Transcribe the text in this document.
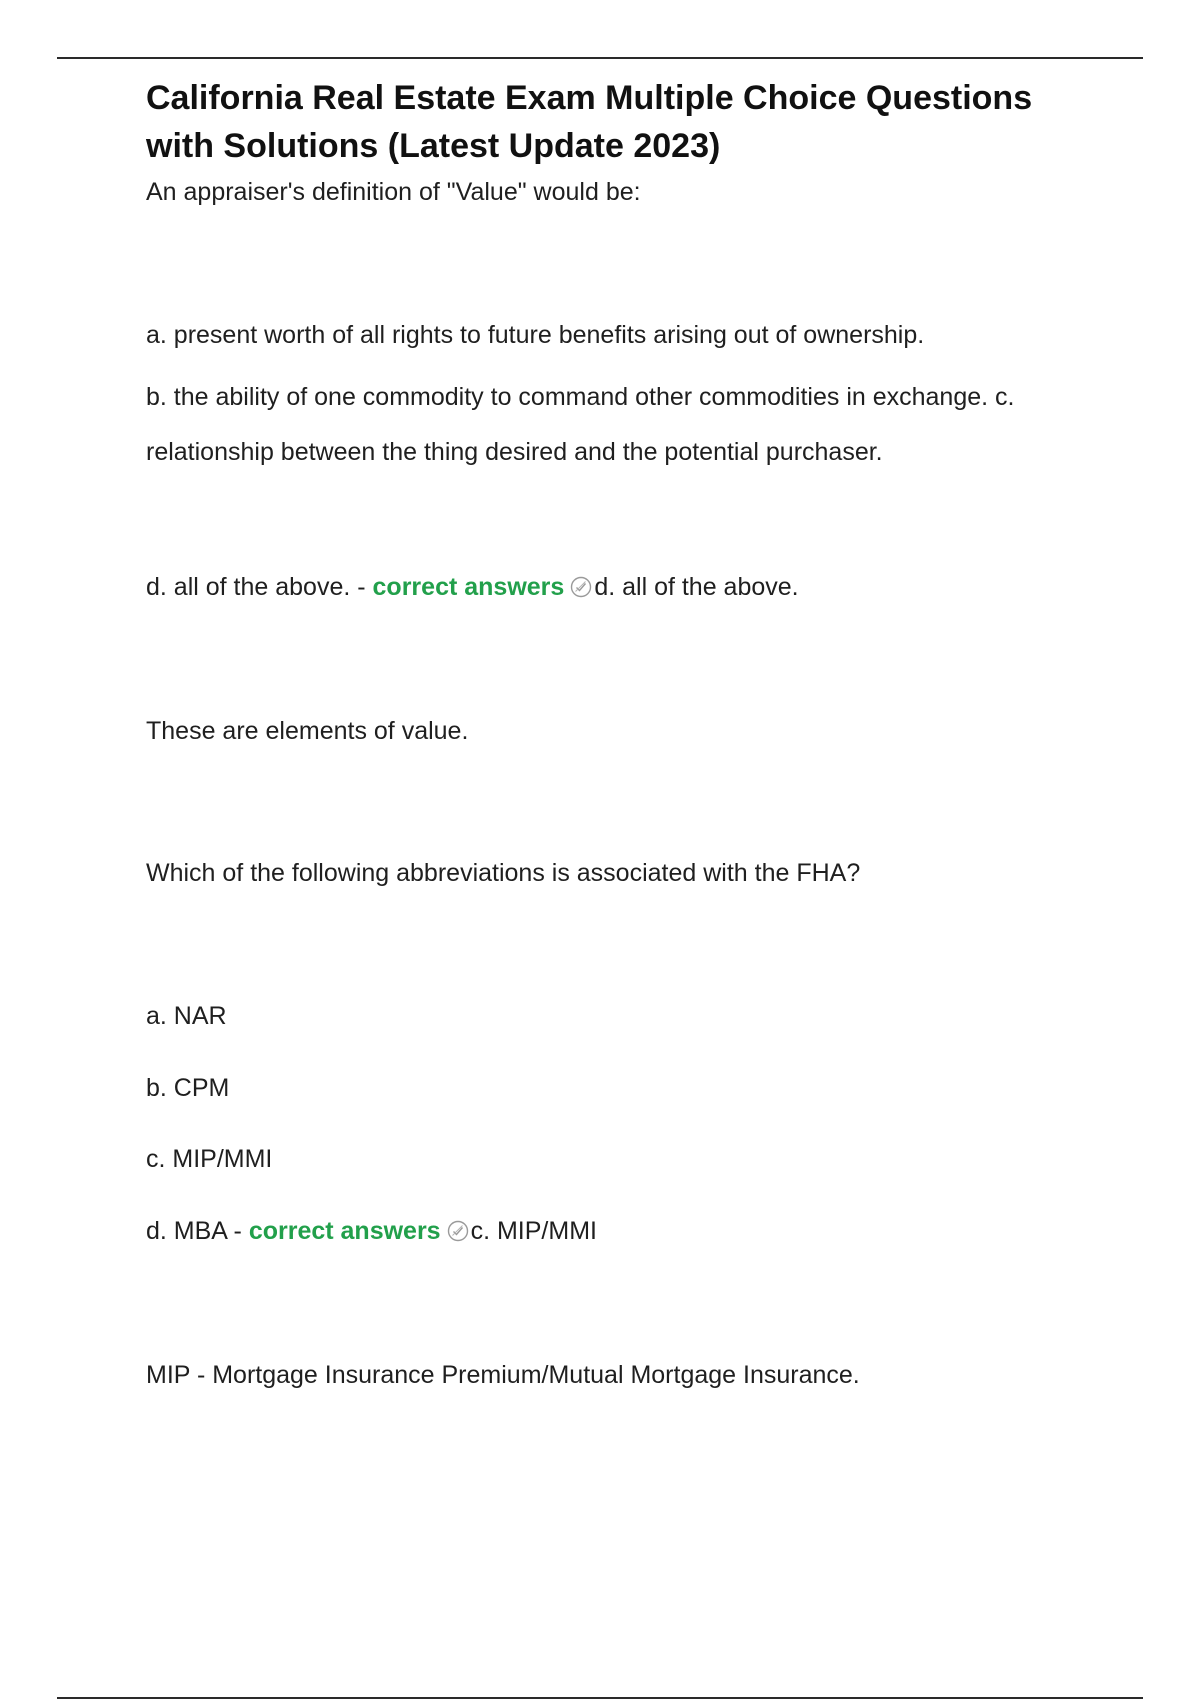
California Real Estate Exam Multiple Choice Questions with Solutions (Latest Update 2023)

An appraiser's definition of "Value" would be:

a. present worth of all rights to future benefits arising out of ownership.

b. the ability of one commodity to command other commodities in exchange. c. relationship between the thing desired and the potential purchaser.

d. all of the above. - correct answers d. all of the above.

These are elements of value.

Which of the following abbreviations is associated with the FHA?

a. NAR

b. CPM

c. MIP/MMI

d. MBA - correct answers c. MIP/MMI

MIP - Mortgage Insurance Premium/Mutual Mortgage Insurance.
